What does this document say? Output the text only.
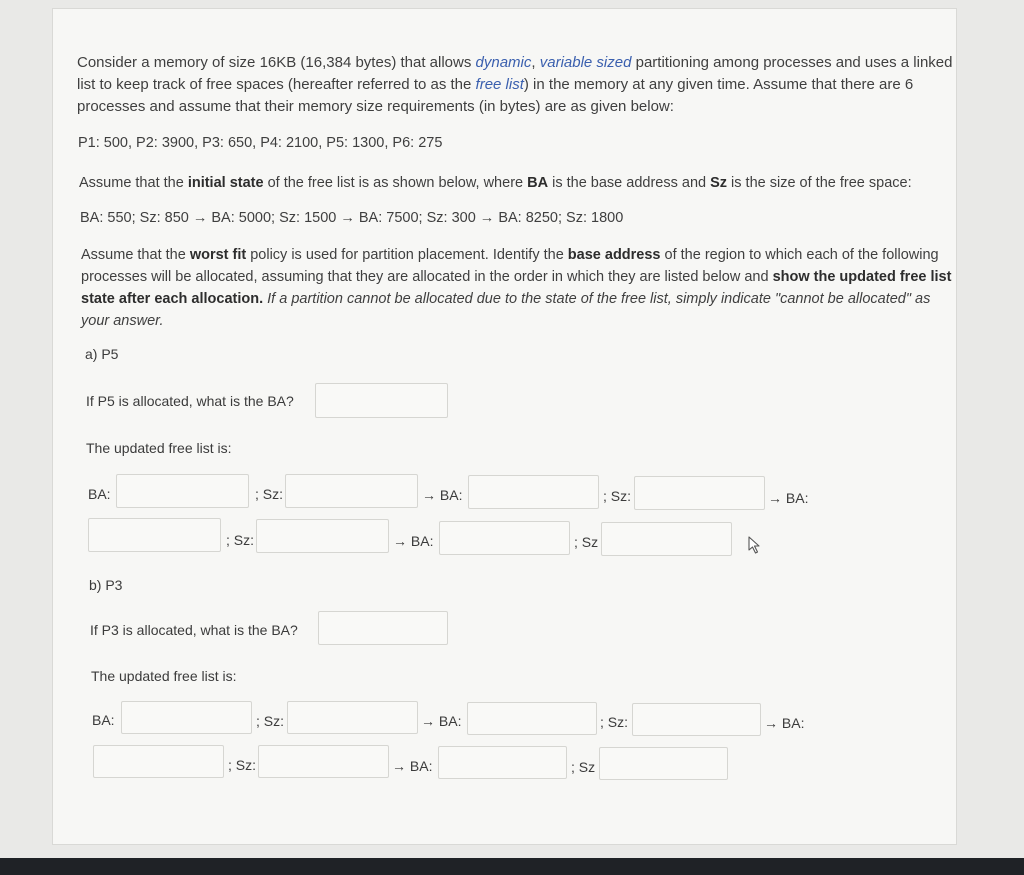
Consider a memory of size 16KB (16,384 bytes) that allows dynamic, variable sized partitioning among processes and uses a linked list to keep track of free spaces (hereafter referred to as the free list) in the memory at any given time. Assume that there are 6 processes and assume that their memory size requirements (in bytes) are as given below:
P1: 500, P2: 3900, P3: 650, P4: 2100, P5: 1300, P6: 275
Assume that the initial state of the free list is as shown below, where BA is the base address and Sz is the size of the free space:
BA: 550; Sz: 850 → BA: 5000; Sz: 1500 → BA: 7500; Sz: 300 → BA: 8250; Sz: 1800
Assume that the worst fit policy is used for partition placement. Identify the base address of the region to which each of the following processes will be allocated, assuming that they are allocated in the order in which they are listed below and show the updated free list state after each allocation. If a partition cannot be allocated due to the state of the free list, simply indicate "cannot be allocated" as your answer.
a) P5
If P5 is allocated, what is the BA?
The updated free list is:
BA:	; Sz:	→ BA:	; Sz:	→ BA:
; Sz:	→ BA:	; Sz
b) P3
If P3 is allocated, what is the BA?
The updated free list is:
BA:	; Sz:	→ BA:	; Sz:	→ BA:
; Sz:	→ BA:	; Sz
